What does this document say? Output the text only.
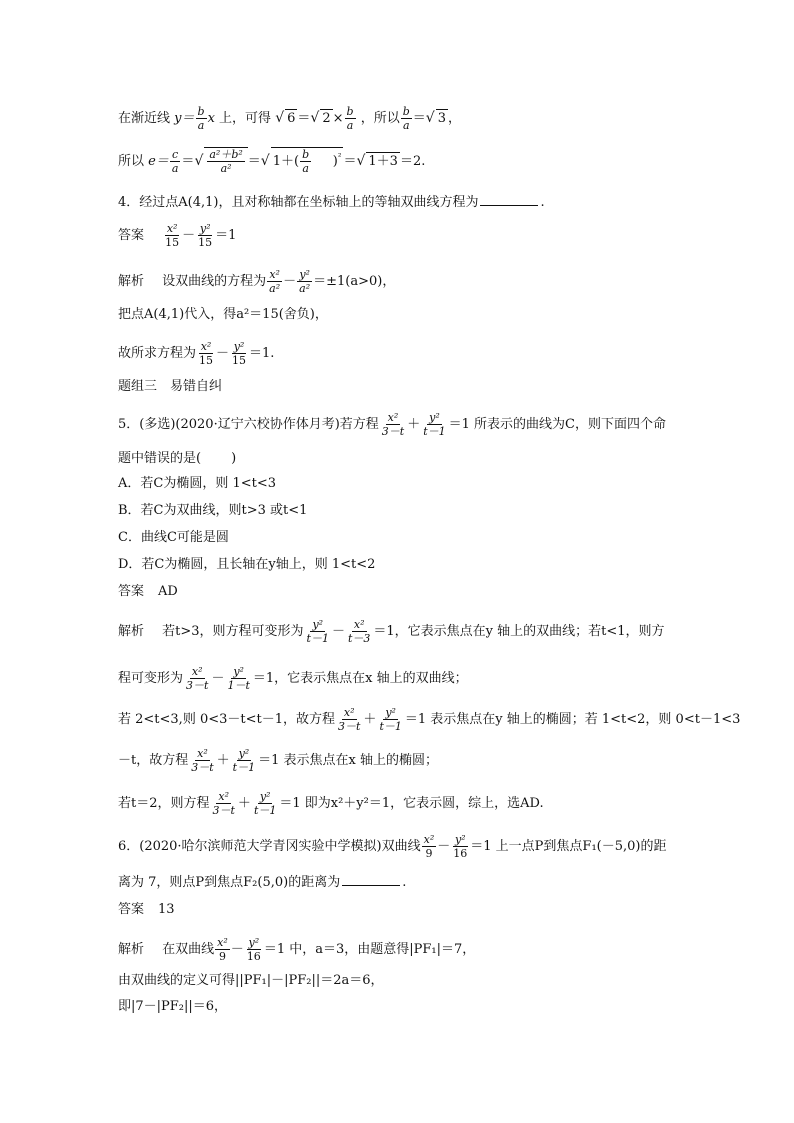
在渐近线 $y= \frac{b}{a}$ x 上，可得 √ 6 ＝√ $2 \times \frac{b}{a}$ ，所以 $\frac{b}{a}$ ＝√ 3 ，
所以 $e= \frac{c}{a}$ ＝√ $\frac{\text{a²＋b²}}{\text{a²}}$ ＝√ $1+( \frac{b}{a} )^{^2}$ ＝√ 1＋3 ＝2.
4．经过点A(4,1)，且对称轴都在坐标轴上的等轴双曲线方程为	.
答案 $\frac{\text{x²}}{15} - \frac{\text{y²}}{15} =1$
解析 设双曲线的方程为 $\frac{\text{x²}}{\text{a²}} - \frac{\text{y²}}{\text{a²}} =\pm 1(a>0)$，
把点A(4,1)代入，得a²＝15(舍负)，
故所求方程为 $\frac{\text{x²}}{15} - \frac{\text{y²}}{15} =1$.
题组三　易错自纠
5．(多选)(2020·辽宁六校协作体月考)若方程 $\frac{\text{x²}}{3-t} + \frac{\text{y²}}{t-1} =1$ 所表示的曲线为C，则下面四个命
题中错误的是( )
A．若C为椭圆，则 1<t<3
B．若C为双曲线，则t>3 或t<1
C．曲线C可能是圆
D．若C为椭圆，且长轴在y轴上，则 1<t<2
答案 AD
解析 若t>3，则方程可变形为 $\frac{\text{y²}}{t-1} - \frac{\text{x²}}{t-3} =1$，它表示焦点在y 轴上的双曲线；若t<1，则方
程可变形为 $\frac{\text{x²}}{3-t} - \frac{\text{y²}}{1-t} =1$，它表示焦点在x 轴上的双曲线；
若 2<t<3,则 0<3－t<t－1，故方程 $\frac{\text{x²}}{3-t} + \frac{\text{y²}}{t-1} =1$ 表示焦点在y 轴上的椭圆；若 1<t<2，则 0<t－1<3
－t，故方程 $\frac{\text{x²}}{3-t} + \frac{\text{y²}}{t-1} =1$ 表示焦点在x 轴上的椭圆；
若t＝2，则方程 $\frac{\text{x²}}{3-t} + \frac{\text{y²}}{t-1} =1$ 即为x²＋y²＝1，它表示圆，综上，选AD.
6．(2020·哈尔滨师范大学青冈实验中学模拟)双曲线 $\frac{\text{x²}}{9} - \frac{\text{y²}}{16} =1$ 上一点P到焦点F₁(－5,0)的距
离为 7，则点P到焦点F₂(5,0)的距离为	.
答案 13
解析 在双曲线 $\frac{\text{x²}}{9} - \frac{\text{y²}}{16} =1$ 中，a＝3，由题意得|PF₁|＝7，
由双曲线的定义可得||PF₁|－|PF₂||＝2a＝6，
即|7－|PF₂||＝6，
